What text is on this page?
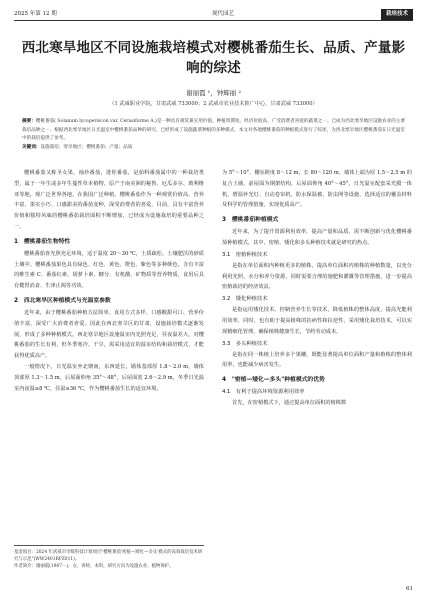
2025 年第 12 期	现代园艺	栽培技术
西北寒旱地区不同设施栽培模式对樱桃番茄生长、品质、产量影响的综述
谢丽霞 ¹，钟辉丽 ²
（1 武威职业学院，甘肃武威 733000；2 武威市农业技术推广中心，甘肃武威 733000）
摘要：樱桃番茄( Solanum lycopersicon var. Cerasiforme A.)是一种具有观赏兼实用价值、种植周期短、经济价值高、广受消费者喜爱的蔬菜之一。已成为西北寒旱地区设施农业的主要栽培品种之一。根据西北寒旱地区日光温室中樱桃番茄品种的研究，已经形成了设施蔬菜种植的多种模式，本文对各地樱桃番茄的种植模式进行了综述，为西北寒旱地区樱桃番茄在日光温室中的栽培提供了参考。
关键词：设施栽培；寒旱地区；樱桃番茄；产量；品质

樱桃番茄又称圣女果，袖珍番茄，迷你番茄，是茄科番茄属中的一种栽培类型，属于一年生或多年生蔓性草本植物，原产于南美洲的秘鲁、厄瓜多尔、玻利维亚等地，现广泛世界各地，在我国广泛种植。樱桃番茄作为一种观赏价值高、营养丰富、果实小巧、口感甜美的番茄变种，深受消费者的喜爱。目前，具有丰富营养价值和独特风味的樱桃番茄栽培面积不断增加，已经成为设施栽培的重要品种之一。

1　樱桃番茄生物特性

樱桃番茄喜光照充足环境，适于温度 20～30 ℃，土质疏松、土壤肥沃的砂质土壤中。樱桃番茄果色具有绿色、红色、黄色、橙色、紫色等多种颜色，含有丰富的维生素 C、番茄红素、胡萝卜素、糖分、有机酸、矿物质等营养物质，食用后具有健胃消食、生津止渴等功效。

2　西北寒旱区种植模式与光温室参数

近年来，由于樱桃番茄种植方法简单、食用方式多样、口感酸甜可口、营养价值丰富，深受广大消费者喜爱。因此在西北寒旱区的甘肃，设施栽培模式逐渐发展，形成了多种种植模式。西北寒旱地区设施温室内光照充足，昼夜温差大，对樱桃番茄的生长有利，但冬季寒冷、干旱，需采用适宜的温室结构和栽培模式，才能获得优质高产。

一般情况下，日光温室坐北朝南，东西延长，墙体基部厚 1.8～2.0 m，墙体顶部厚 1.3～1.5 m，后屋面仰角 35°～48°，后屋面宽 2.6～2.9 m，冬季日光温室内夜温≥8 ℃，昼温≥36 ℃，作为樱桃番茄生长的适宜环境。

为 5°～10°，棚室跨度 8～12 m，长 80～120 m，墙体上端为厚 1.5～2.5 m 的复合土墙，前屋面为钢架结构，后屋面仰角 40°～45°，日光温室配套采光膜一体机，增温补光灯、自动卷帘机、防水保温被、防虫网等设施，选择适宜的覆盖材料及科学的管理措施，实现优质高产。

3　樱桃番茄种植模式

近年来，为了提升资源利用效率，提高产量和品质，需不断创新与优化樱桃番茄种植模式，其中，密植、矮化和多头种植技术就是研究的热点。

3.1　密植种植技术

是指在单位面积内种植更多的植株，提高单位面积内植株的种植数量，以充分利用光照、水分和养分资源，同时需要合理的施肥和灌溉等管理措施，进一步提高密植栽培的经济效益。

3.2　矮化种植技术

是指运用矮化技术、控制营养生长等技术，降低植株的整体高度，提高光能利用效率，同时，也有助于提高植株的抗病性和抗逆性，采用矮化栽培技术，可以实现精细化管理，确保植株健康生长，节约劳动成本。

3.3　多头种植技术

是指在同一株植上培养多个果穗，既能显著提高单位面积产量和植株的整体利用率，也能减少病害发生。

4　"密植—矮化—多头"种植模式的优势
4.1　有利于提高环境资源利用效率

首先，在密植模式下，通过提高单位面积的植株数

基金项目：2024 年武威市市级科技计划项目"樱桃番茄'密植—矮化—多头'模式的高效栽培技术研究与示范"(WW2401RPZ011)。
作者简介：谢丽霞(1987－)，女，讲师，本科，研究方向为设施农业、植物保护。
61
